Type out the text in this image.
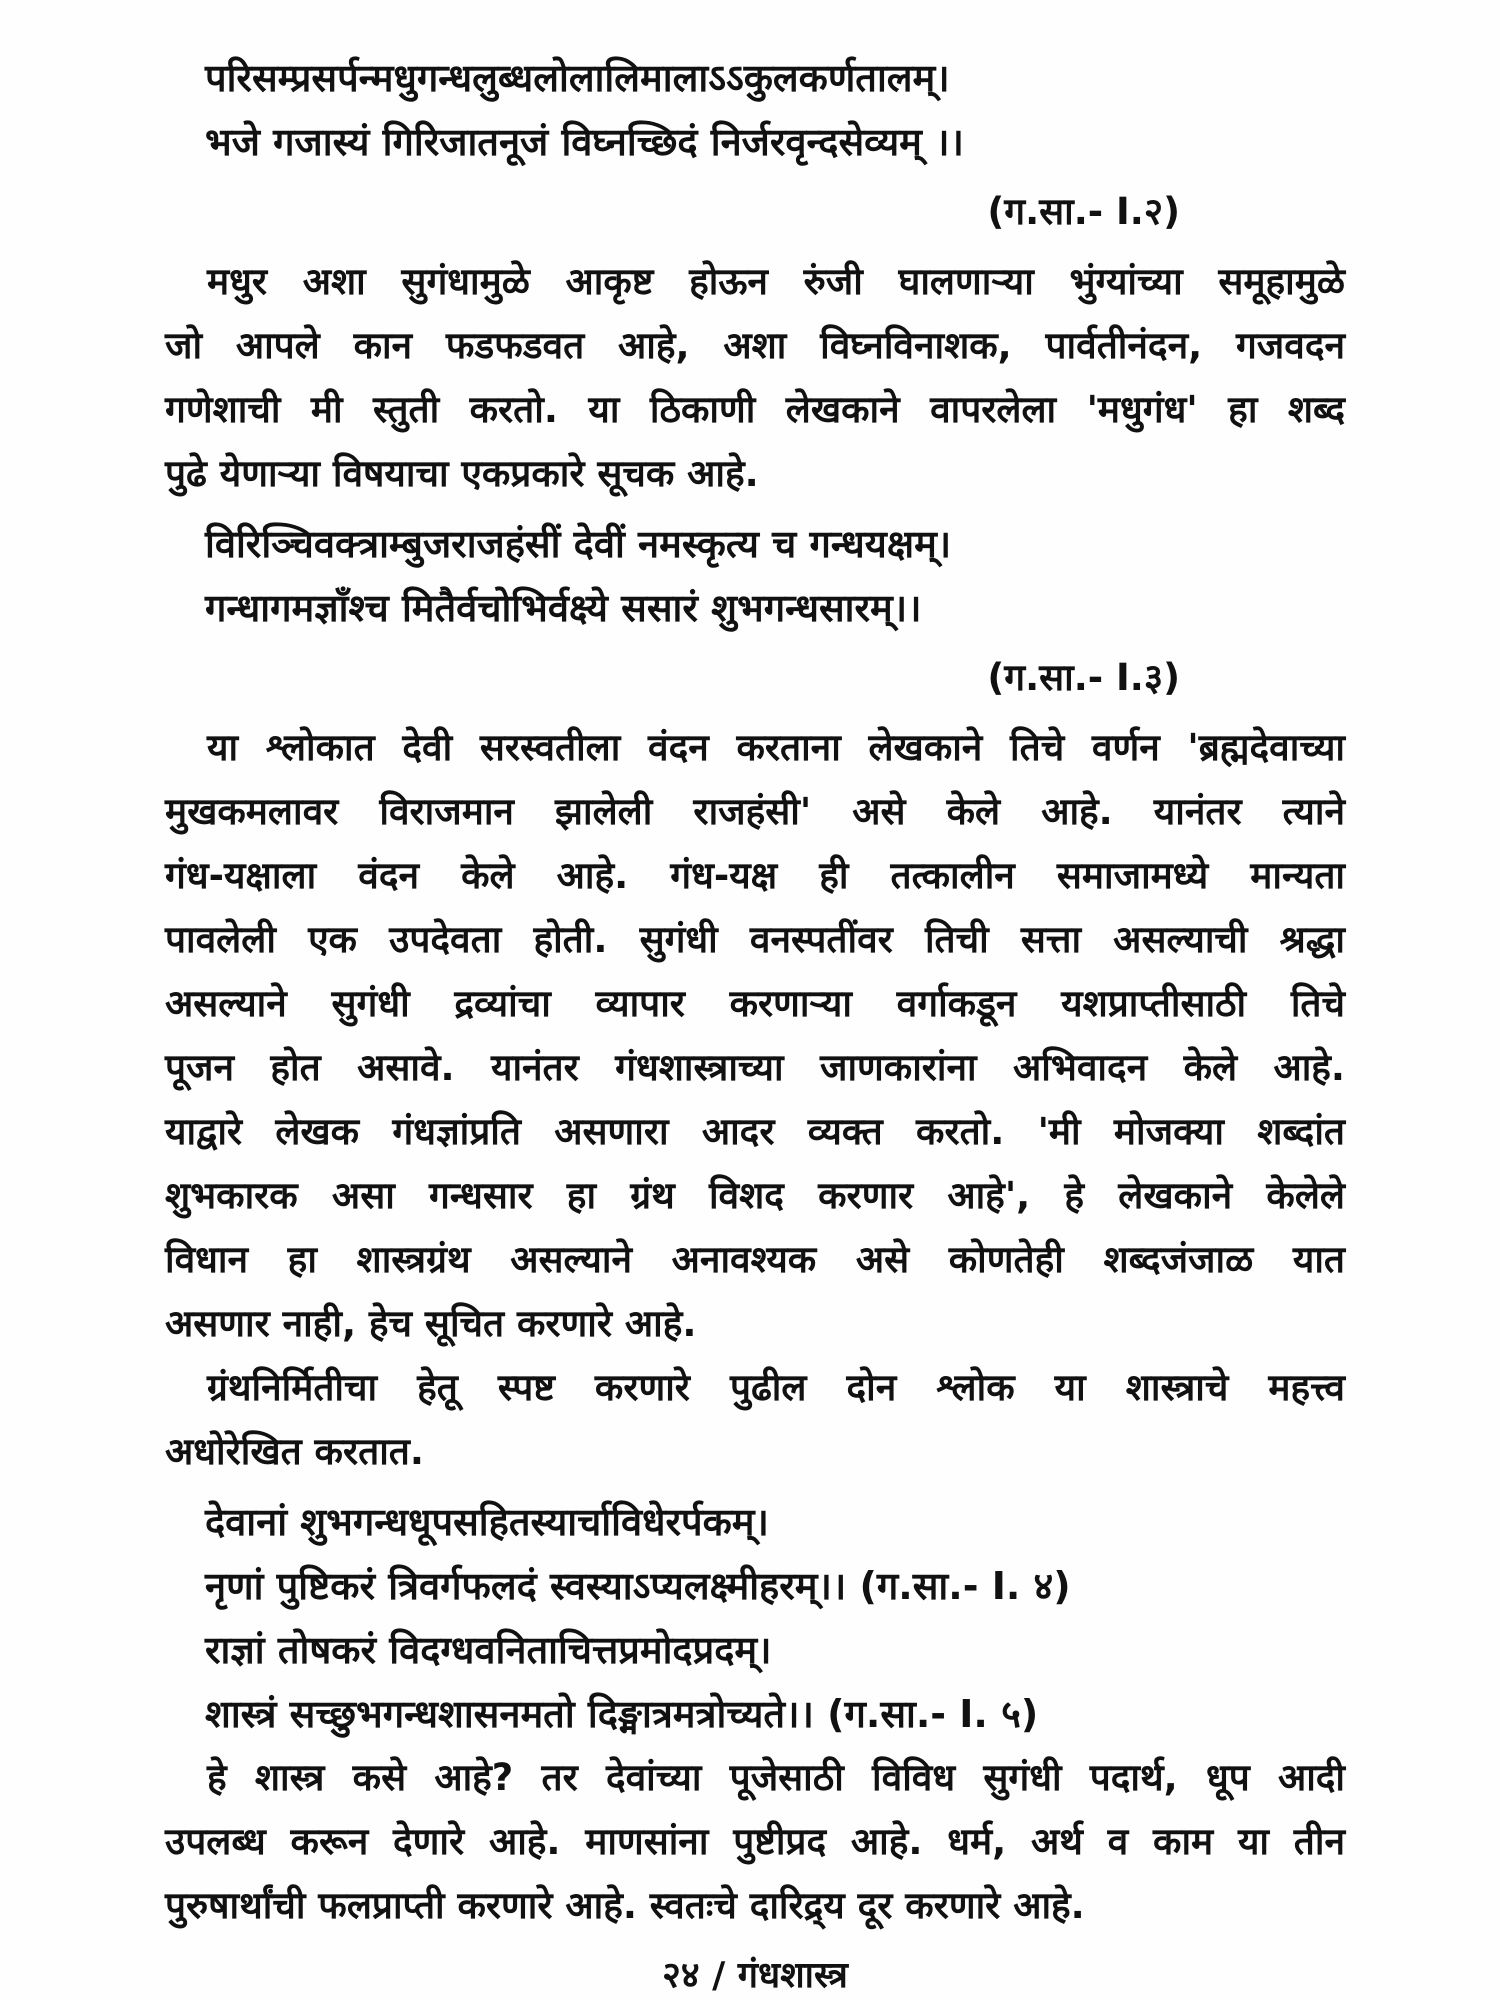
परिसम्प्रसर्पन्मधुगन्धलुब्धलोलालिमालाऽऽकुलकर्णतालम्।
भजे गजास्यं गिरिजातनूजं विघ्नच्छिदं निर्जरवृन्दसेव्यम् ।।
(ग.सा.- I.२)
मधुर अशा सुगंधामुळे आकृष्ट होऊन रुंजी घालणाऱ्या भुंग्यांच्या समूहामुळे
जो आपले कान फडफडवत आहे, अशा विघ्नविनाशक, पार्वतीनंदन, गजवदन
गणेशाची मी स्तुती करतो. या ठिकाणी लेखकाने वापरलेला 'मधुगंध' हा शब्द
पुढे येणाऱ्या विषयाचा एकप्रकारे सूचक आहे.
विरिञ्चिवक्त्राम्बुजराजहंसीं देवीं नमस्कृत्य च गन्धयक्षम्।
गन्धागमज्ञाँश्च मितैर्वचोभिर्वक्ष्ये ससारं शुभगन्धसारम्।।
(ग.सा.- I.३)
या श्लोकात देवी सरस्वतीला वंदन करताना लेखकाने तिचे वर्णन 'ब्रह्मदेवाच्या
मुखकमलावर विराजमान झालेली राजहंसी' असे केले आहे. यानंतर त्याने
गंध-यक्षाला वंदन केले आहे. गंध-यक्ष ही तत्कालीन समाजामध्ये मान्यता
पावलेली एक उपदेवता होती. सुगंधी वनस्पतींवर तिची सत्ता असल्याची श्रद्धा
असल्याने सुगंधी द्रव्यांचा व्यापार करणाऱ्या वर्गाकडून यशप्राप्तीसाठी तिचे
पूजन होत असावे. यानंतर गंधशास्त्राच्या जाणकारांना अभिवादन केले आहे.
याद्वारे लेखक गंधज्ञांप्रति असणारा आदर व्यक्त करतो. 'मी मोजक्या शब्दांत
शुभकारक असा गन्धसार हा ग्रंथ विशद करणार आहे', हे लेखकाने केलेले
विधान हा शास्त्रग्रंथ असल्याने अनावश्यक असे कोणतेही शब्दजंजाळ यात
असणार नाही, हेच सूचित करणारे आहे.
ग्रंथनिर्मितीचा हेतू स्पष्ट करणारे पुढील दोन श्लोक या शास्त्राचे महत्त्व
अधोरेखित करतात.
देवानां शुभगन्धधूपसहितस्यार्चाविधेरर्पकम्।
नृणां पुष्टिकरं त्रिवर्गफलदं स्वस्याऽप्यलक्ष्मीहरम्।। (ग.सा.- I. ४)
राज्ञां तोषकरं विदग्धवनिताचित्तप्रमोदप्रदम्।
शास्त्रं सच्छुभगन्धशासनमतो दिङ्मात्रमत्रोच्यते।। (ग.सा.- I. ५)
हे शास्त्र कसे आहे? तर देवांच्या पूजेसाठी विविध सुगंधी पदार्थ, धूप आदी
उपलब्ध करून देणारे आहे. माणसांना पुष्टीप्रद आहे. धर्म, अर्थ व काम या तीन
पुरुषार्थांची फलप्राप्ती करणारे आहे. स्वतःचे दारिद्र्य दूर करणारे आहे.
२४ / गंधशास्त्र
